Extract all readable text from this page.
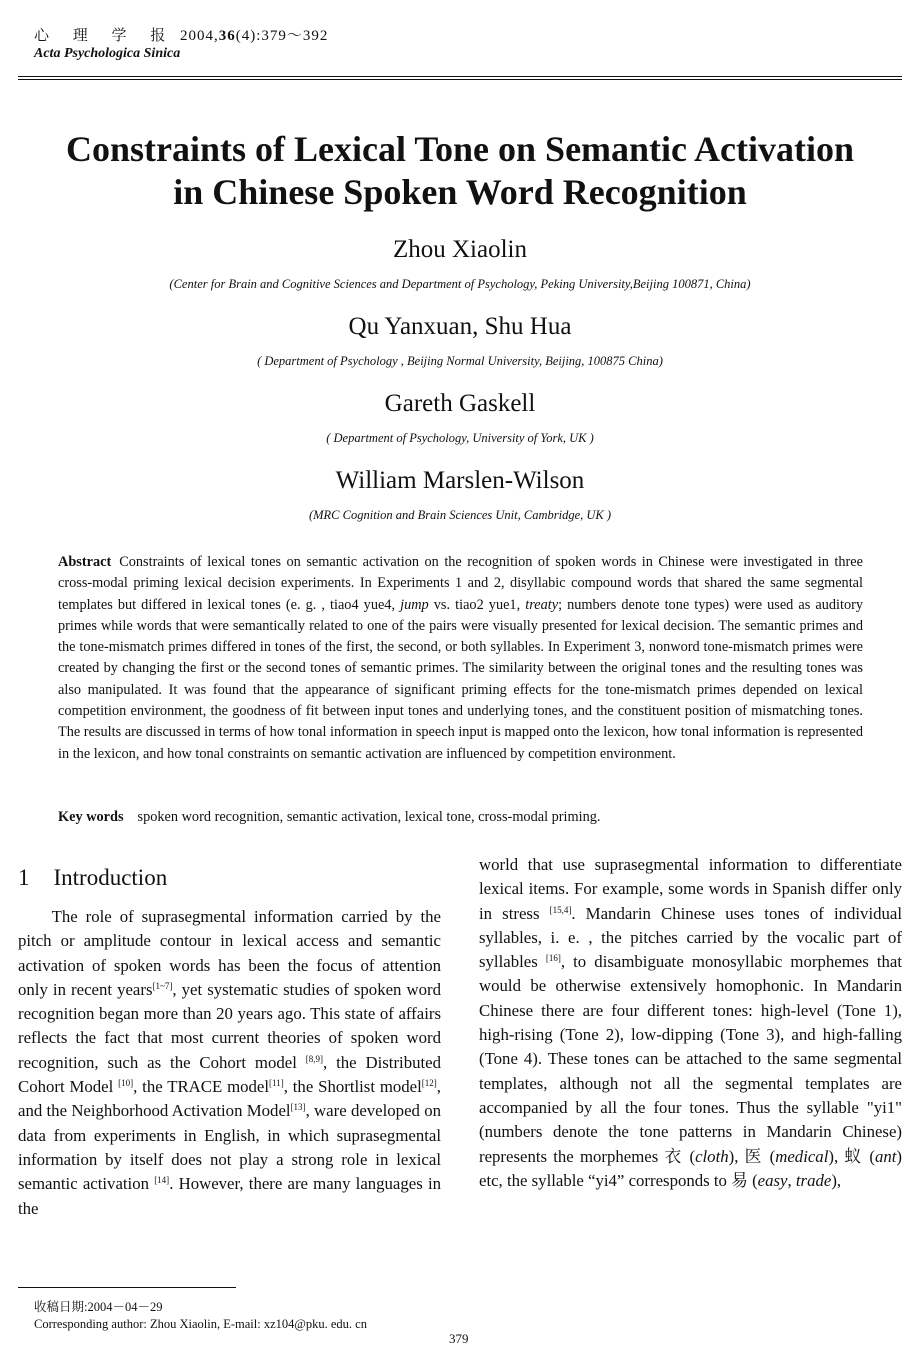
心 理 学 报 2004,36(4):379～392
Acta Psychologica Sinica
Constraints of Lexical Tone on Semantic Activation
in Chinese Spoken Word Recognition
Zhou Xiaolin
(Center for Brain and Cognitive Sciences and Department of Psychology, Peking University,Beijing 100871, China)
Qu Yanxuan, Shu Hua
( Department of Psychology , Beijing Normal University, Beijing, 100875 China)
Gareth Gaskell
( Department of Psychology, University of York, UK )
William Marslen-Wilson
(MRC Cognition and Brain Sciences Unit, Cambridge, UK )
Abstract Constraints of lexical tones on semantic activation on the recognition of spoken words in Chinese were investigated in three cross-modal priming lexical decision experiments. In Experiments 1 and 2, disyllabic compound words that shared the same segmental templates but differed in lexical tones (e. g. , tiao4 yue4, jump vs. tiao2 yue1, treaty; numbers denote tone types) were used as auditory primes while words that were semantically related to one of the pairs were visually presented for lexical decision. The semantic primes and the tone-mismatch primes differed in tones of the first, the second, or both syllables. In Experiment 3, nonword tone-mismatch primes were created by changing the first or the second tones of semantic primes. The similarity between the original tones and the resulting tones was also manipulated. It was found that the appearance of significant priming effects for the tone-mismatch primes depended on lexical competition environment, the goodness of fit between input tones and underlying tones, and the constituent position of mismatching tones. The results are discussed in terms of how tonal information in speech input is mapped onto the lexicon, how tonal information is represented in the lexicon, and how tonal constraints on semantic activation are influenced by competition environment.
Key words spoken word recognition, semantic activation, lexical tone, cross-modal priming.
1 Introduction

The role of suprasegmental information carried by the pitch or amplitude contour in lexical access and semantic activation of spoken words has been the focus of attention only in recent years[1~7], yet systematic studies of spoken word recognition began more than 20 years ago. This state of affairs reflects the fact that most current theories of spoken word recognition, such as the Cohort model [8,9], the Distributed Cohort Model [10], the TRACE model[11], the Shortlist model[12], and the Neighborhood Activation Model[13], ware developed on data from experiments in English, in which suprasegmental information by itself does not play a strong role in lexical semantic activation [14]. However, there are many languages in the

world that use suprasegmental information to differentiate lexical items. For example, some words in Spanish differ only in stress [15,4]. Mandarin Chinese uses tones of individual syllables, i. e. , the pitches carried by the vocalic part of syllables [16], to disambiguate monosyllabic morphemes that would be otherwise extensively homophonic. In Mandarin Chinese there are four different tones: high-level (Tone 1), high-rising (Tone 2), low-dipping (Tone 3), and high-falling (Tone 4). These tones can be attached to the same segmental templates, although not all the segmental templates are accompanied by all the four tones. Thus the syllable "yi1" (numbers denote the tone patterns in Mandarin Chinese) represents the morphemes 衣 (cloth), 医 (medical), 蚁 (ant) etc, the syllable “yi4” corresponds to 易 (easy, trade),

收稿日期:2004－04－29
Corresponding author: Zhou Xiaolin, E-mail: xz104@pku. edu. cn
379
